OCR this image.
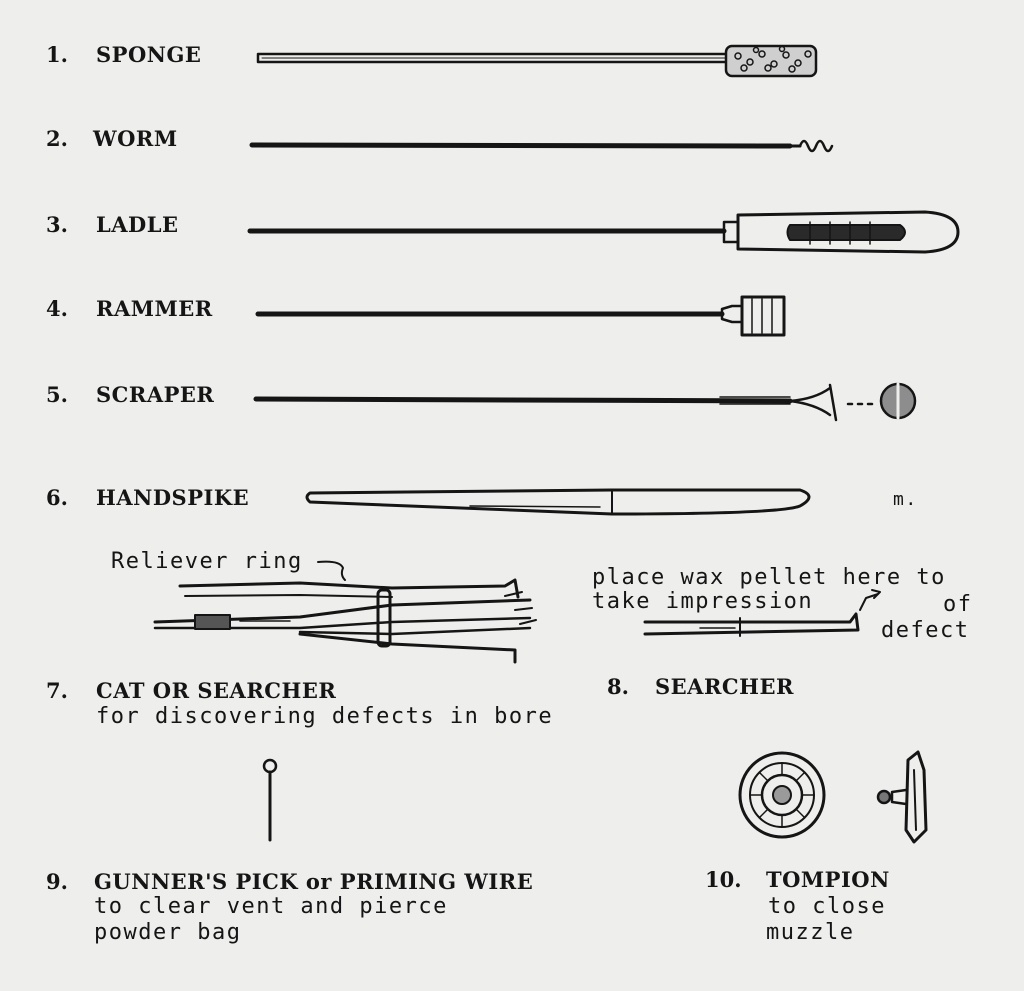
1. SPONGE
2. WORM
3. LADLE
4. RAMMER
5. SCRAPER
6. HANDSPIKE	m.
Reliever ring
7. CAT OR SEARCHER
for discovering defects in bore
place wax pellet here to
take impression	of
defect
8. SEARCHER
9. GUNNER'S PICK or PRIMING WIRE
to clear vent and pierce
powder bag
10. TOMPION
to close
muzzle
